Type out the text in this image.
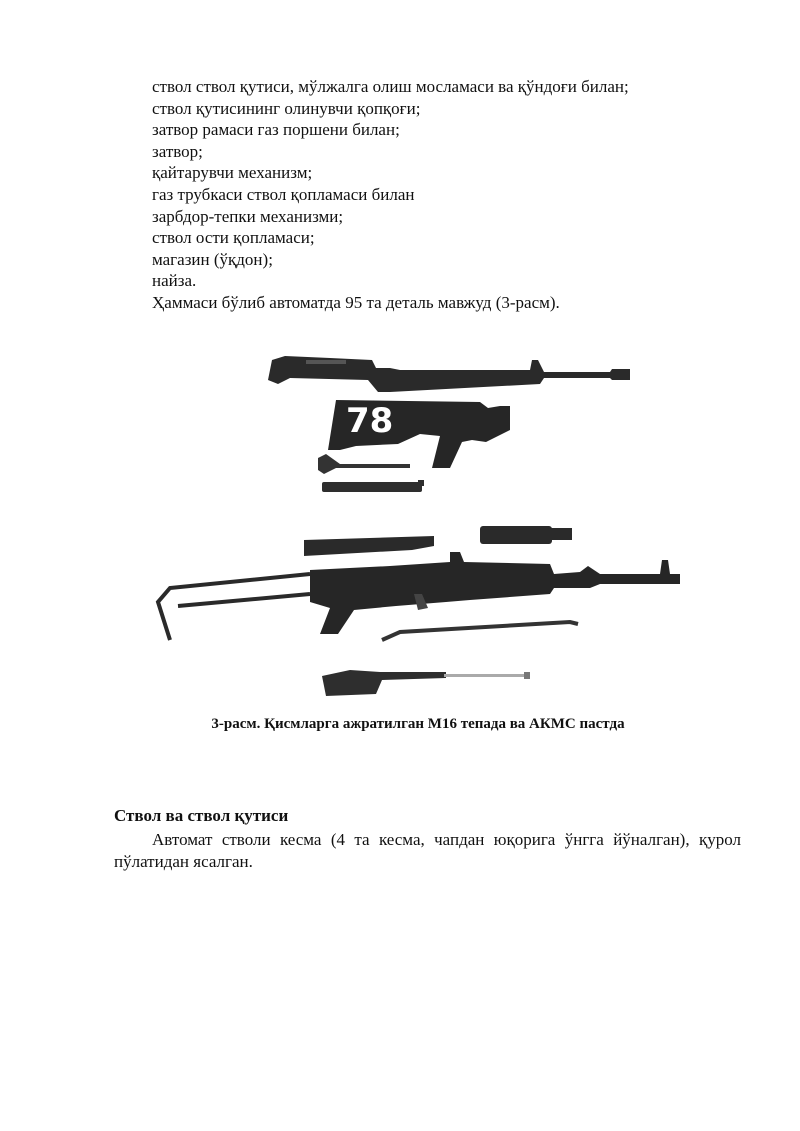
ствол ствол қутиси, мўлжалга олиш мосламаси ва қўндоғи билан;
ствол қутисининг олинувчи қопқоғи;
затвор рамаси газ поршени билан;
затвор;
қайтарувчи механизм;
газ трубкаси ствол қопламаси билан
зарбдор-тепки механизми;
ствол ости қопламаси;
магазин (ўқдон);
найза.
Ҳаммаси бўлиб автоматда 95 та деталь мавжуд (3-расм).
78
3-расм. Қисмларга ажратилган М16 тепада ва АКМС пастда
Ствол ва ствол қутиси
Автомат стволи кесма (4 та кесма, чапдан юқорига ўнгга йўналган), қурол пўлатидан ясалган.
